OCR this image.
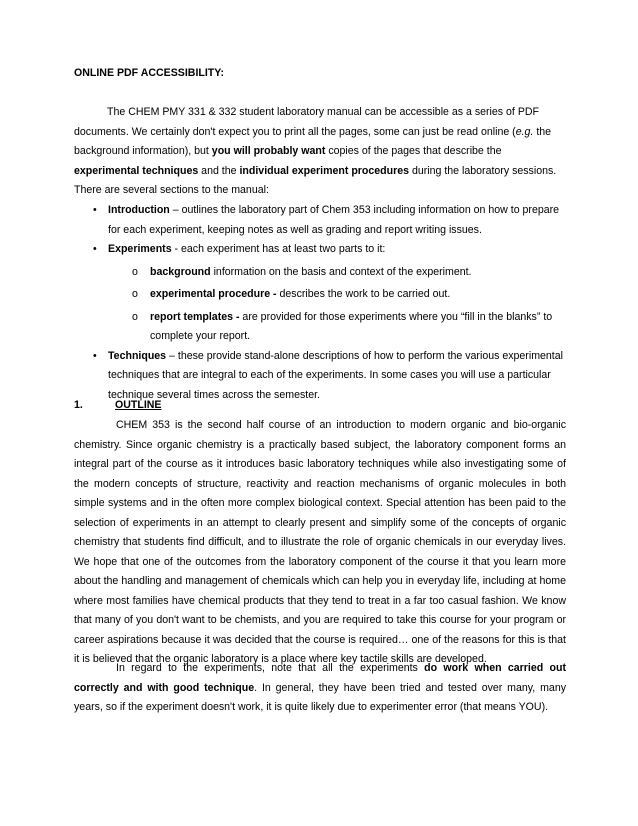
ONLINE PDF ACCESSIBILITY:

The CHEM PMY 331 & 332 student laboratory manual can be accessible as a series of PDF documents. We certainly don't expect you to print all the pages, some can just be read online (e.g. the background information), but you will probably want copies of the pages that describe the experimental techniques and the individual experiment procedures during the laboratory sessions. There are several sections to the manual:

• Introduction – outlines the laboratory part of Chem 353 including information on how to prepare for each experiment, keeping notes as well as grading and report writing issues.
• Experiments - each experiment has at least two parts to it:
o background information on the basis and context of the experiment.
o experimental procedure - describes the work to be carried out.
o report templates - are provided for those experiments where you “fill in the blanks” to complete your report.
• Techniques – these provide stand-alone descriptions of how to perform the various experimental techniques that are integral to each of the experiments. In some cases you will use a particular technique several times across the semester.

1.	OUTLINE

CHEM 353 is the second half course of an introduction to modern organic and bio-organic chemistry. Since organic chemistry is a practically based subject, the laboratory component forms an integral part of the course as it introduces basic laboratory techniques while also investigating some of the modern concepts of structure, reactivity and reaction mechanisms of organic molecules in both simple systems and in the often more complex biological context. Special attention has been paid to the selection of experiments in an attempt to clearly present and simplify some of the concepts of organic chemistry that students find difficult, and to illustrate the role of organic chemicals in our everyday lives. We hope that one of the outcomes from the laboratory component of the course it that you learn more about the handling and management of chemicals which can help you in everyday life, including at home where most families have chemical products that they tend to treat in a far too casual fashion. We know that many of you don't want to be chemists, and you are required to take this course for your program or career aspirations because it was decided that the course is required… one of the reasons for this is that it is believed that the organic laboratory is a place where key tactile skills are developed.

In regard to the experiments, note that all the experiments do work when carried out correctly and with good technique. In general, they have been tried and tested over many, many years, so if the experiment doesn't work, it is quite likely due to experimenter error (that means YOU).
